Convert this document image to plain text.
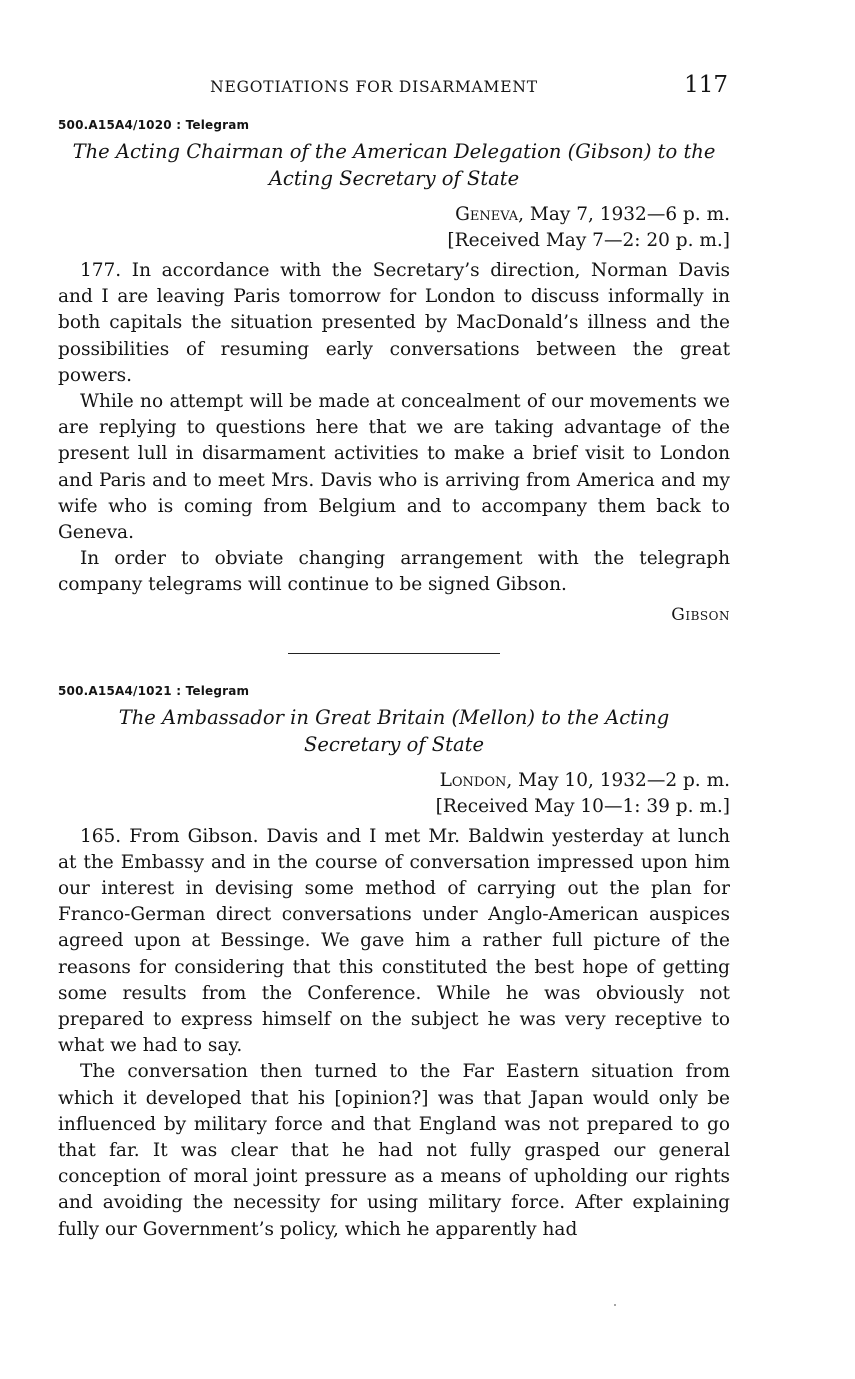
NEGOTIATIONS FOR DISARMAMENT	117
500.A15A4/1020 : Telegram
The Acting Chairman of the American Delegation (Gibson) to the
Acting Secretary of State
Geneva, May 7, 1932—6 p. m.
[Received May 7—2: 20 p. m.]

177. In accordance with the Secretary’s direction, Norman Davis and I are leaving Paris tomorrow for London to discuss informally in both capitals the situation presented by MacDonald’s illness and the possibilities of resuming early conversations between the great powers.

While no attempt will be made at concealment of our movements we are replying to questions here that we are taking advantage of the present lull in disarmament activities to make a brief visit to London and Paris and to meet Mrs. Davis who is arriving from America and my wife who is coming from Belgium and to accompany them back to Geneva.

In order to obviate changing arrangement with the telegraph company telegrams will continue to be signed Gibson.

Gibson
500.A15A4/1021 : Telegram
The Ambassador in Great Britain (Mellon) to the Acting
Secretary of State
London, May 10, 1932—2 p. m.
[Received May 10—1: 39 p. m.]

165. From Gibson. Davis and I met Mr. Baldwin yesterday at lunch at the Embassy and in the course of conversation impressed upon him our interest in devising some method of carrying out the plan for Franco-German direct conversations under Anglo-American auspices agreed upon at Bessinge. We gave him a rather full picture of the reasons for considering that this constituted the best hope of getting some results from the Conference. While he was obviously not prepared to express himself on the subject he was very receptive to what we had to say.

The conversation then turned to the Far Eastern situation from which it developed that his [opinion?] was that Japan would only be influenced by military force and that England was not prepared to go that far. It was clear that he had not fully grasped our general conception of moral joint pressure as a means of upholding our rights and avoiding the necessity for using military force. After explaining fully our Government’s policy, which he apparently had
